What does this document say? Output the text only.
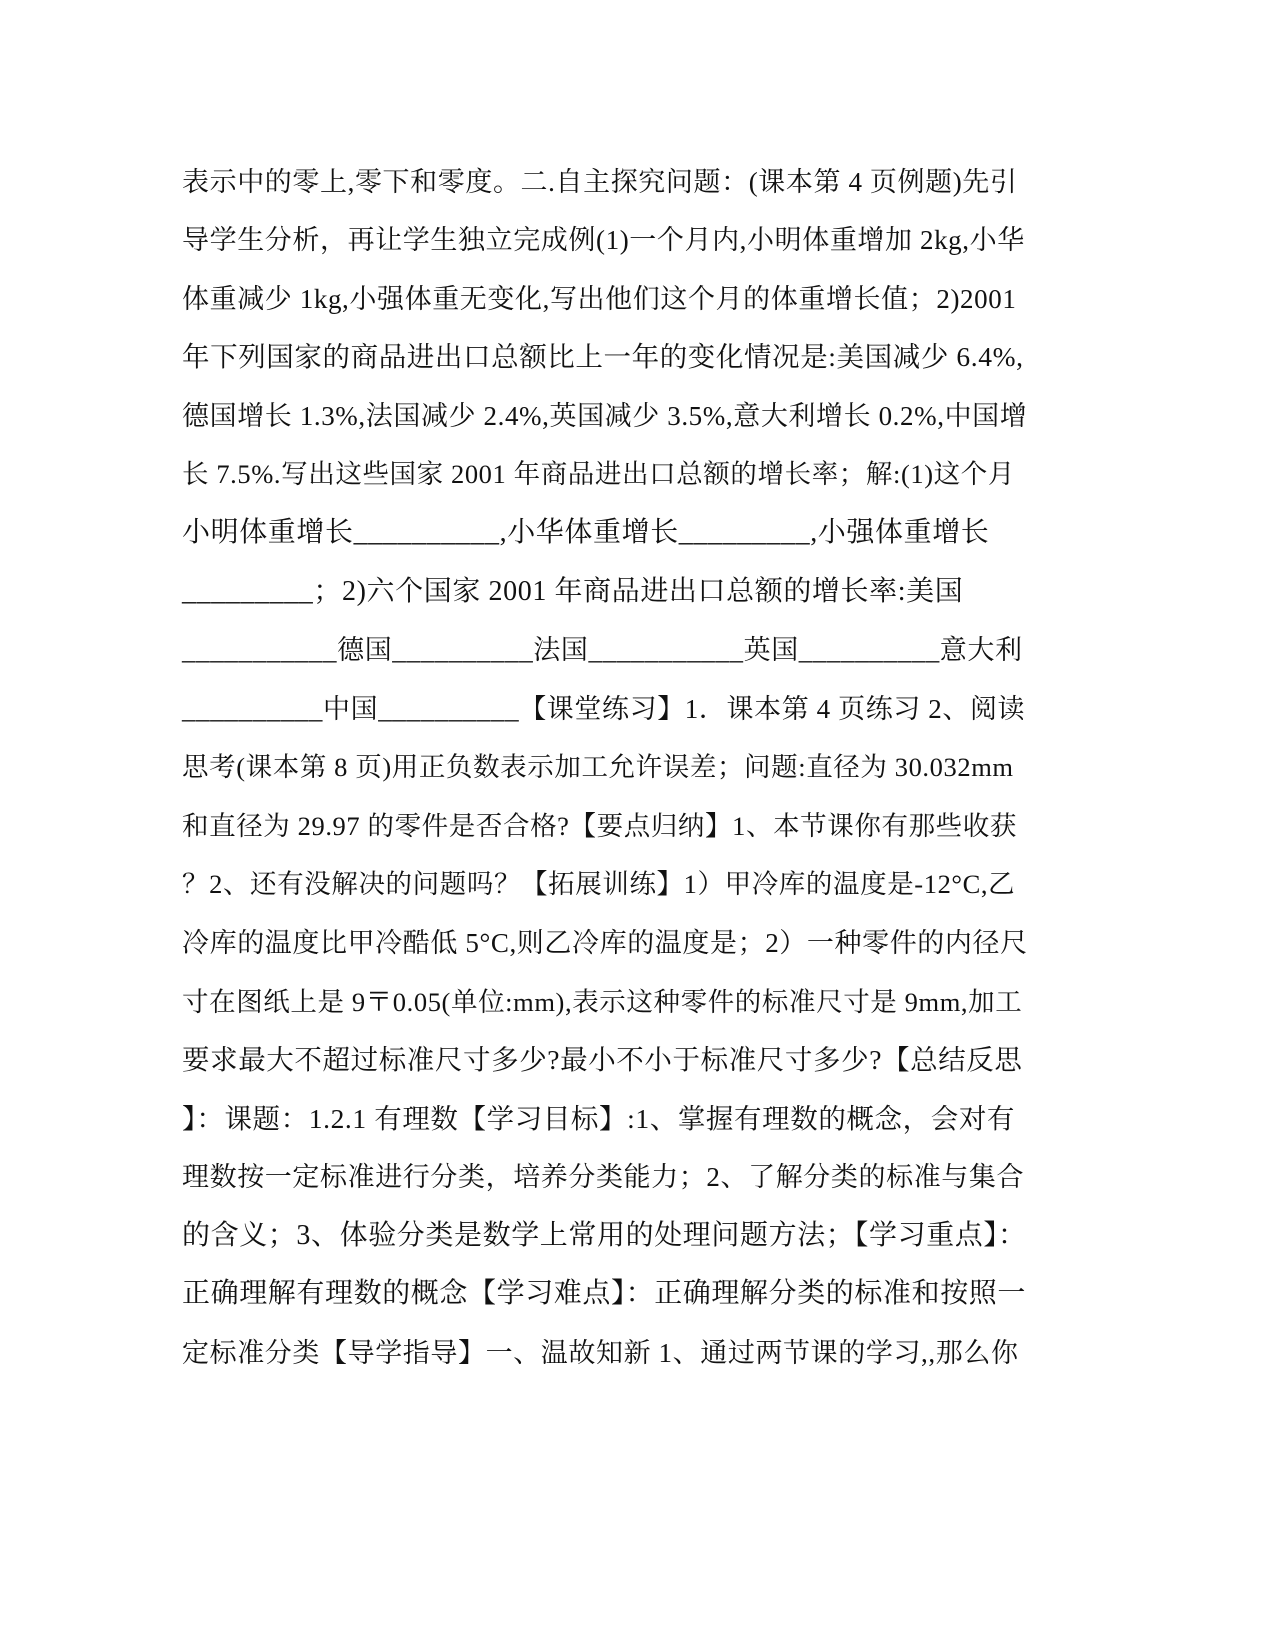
表示中的零上,零下和零度。二.自主探究问题：(课本第 4 页例题)先引
导学生分析，再让学生独立完成例(1)一个月内,小明体重增加 2kg,小华
体重减少 1kg,小强体重无变化,写出他们这个月的体重增长值；2)2001
年下列国家的商品进出口总额比上一年的变化情况是:美国减少 6.4%,
德国增长 1.3%,法国减少 2.4%,英国减少 3.5%,意大利增长 0.2%,中国增
长 7.5%.写出这些国家 2001 年商品进出口总额的增长率；解:(1)这个月
小明体重增长__________,小华体重增长_________,小强体重增长
_________；2)六个国家 2001 年商品进出口总额的增长率:美国
___________德国__________法国___________英国__________意大利
__________中国__________【课堂练习】1．课本第 4 页练习 2、阅读
思考(课本第 8 页)用正负数表示加工允许误差；问题:直径为 30.032mm
和直径为 29.97 的零件是否合格?【要点归纳】1、本节课你有那些收获
？2、还有没解决的问题吗？【拓展训练】1）甲冷库的温度是-12°C,乙
冷库的温度比甲冷酷低 5°C,则乙冷库的温度是；2）一种零件的内径尺
寸在图纸上是 9〒0.05(单位:mm),表示这种零件的标准尺寸是 9mm,加工
要求最大不超过标准尺寸多少?最小不小于标准尺寸多少?【总结反思
】：课题：1.2.1 有理数【学习目标】:1、掌握有理数的概念，会对有
理数按一定标准进行分类，培养分类能力；2、了解分类的标准与集合
的含义；3、体验分类是数学上常用的处理问题方法；【学习重点】：
正确理解有理数的概念【学习难点】：正确理解分类的标准和按照一
定标准分类【导学指导】一、温故知新 1、通过两节课的学习,,那么你
